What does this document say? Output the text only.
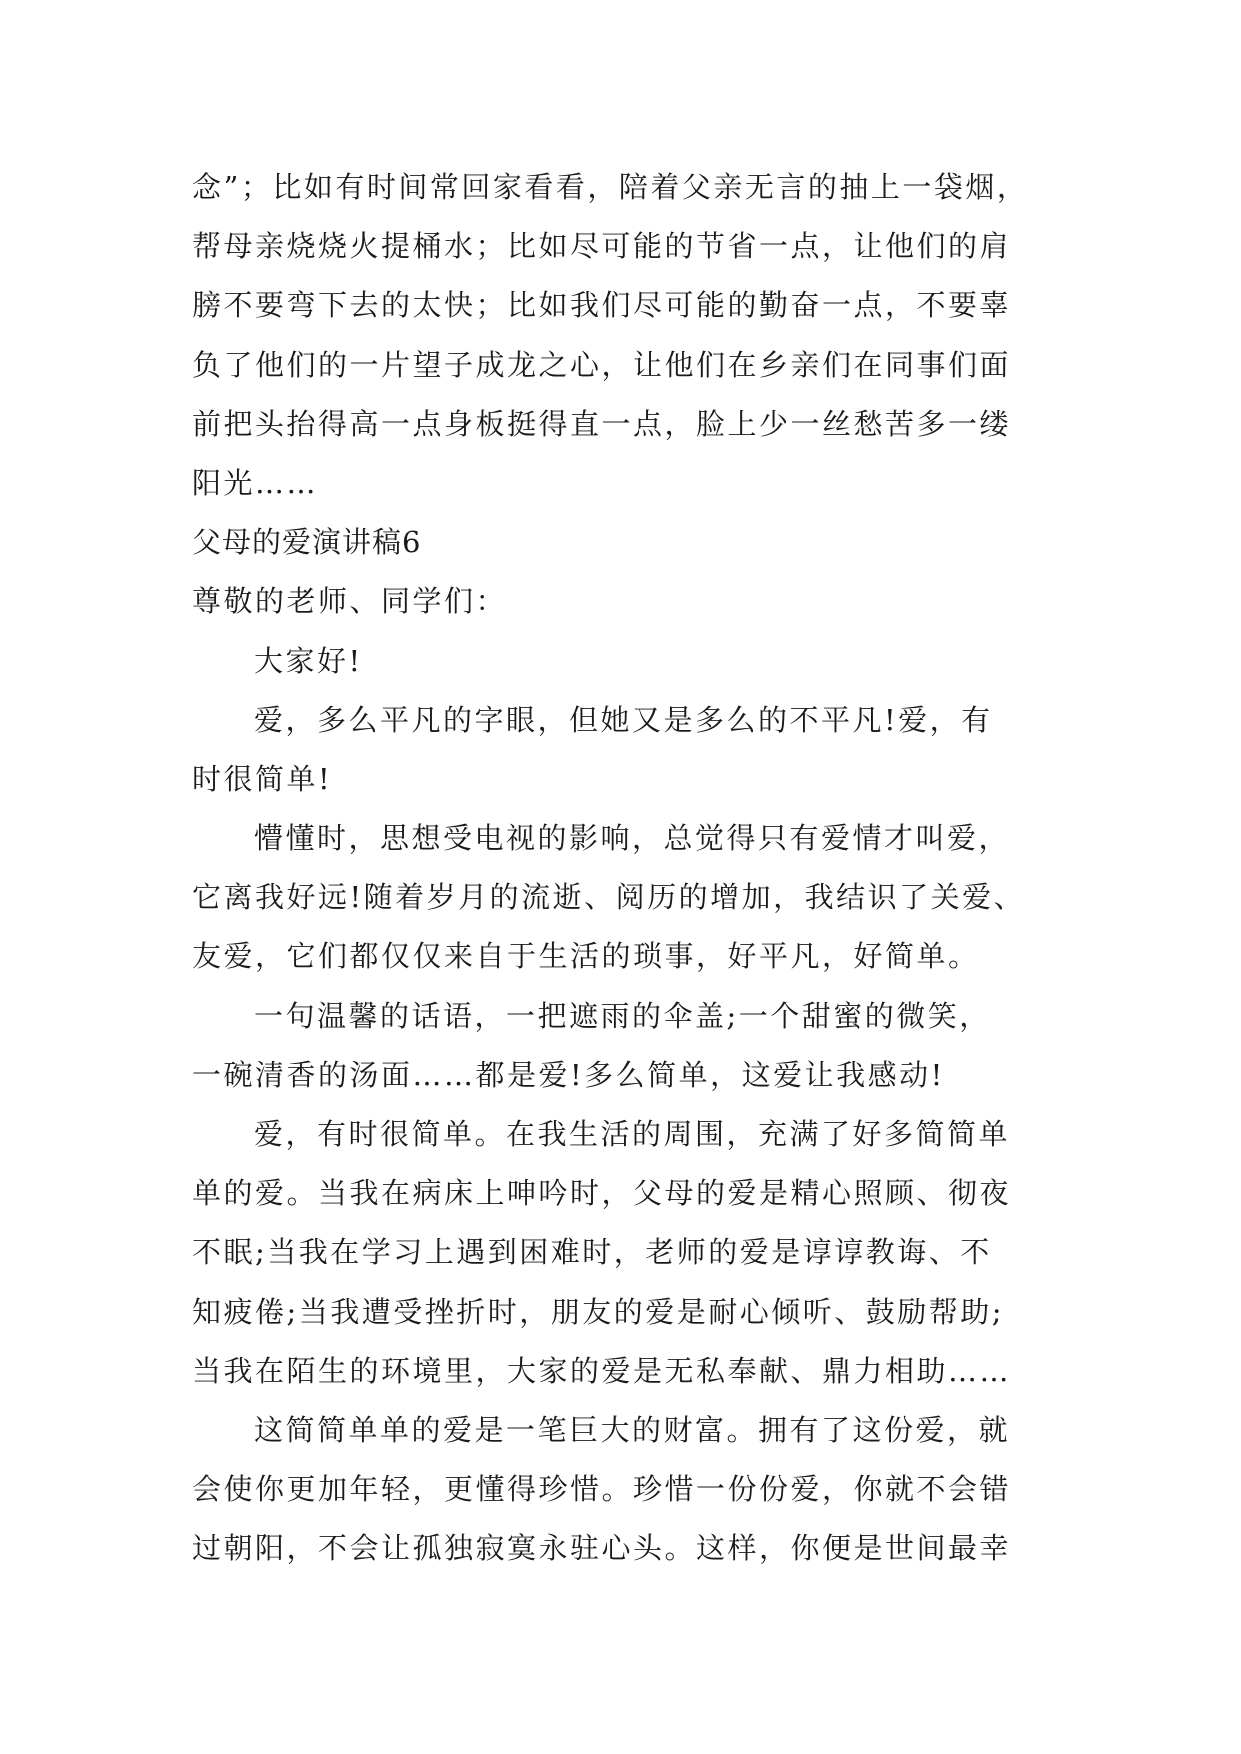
念”；比如有时间常回家看看，陪着父亲无言的抽上一袋烟，
帮母亲烧烧火提桶水；比如尽可能的节省一点，让他们的肩
膀不要弯下去的太快；比如我们尽可能的勤奋一点，不要辜
负了他们的一片望子成龙之心，让他们在乡亲们在同事们面
前把头抬得高一点身板挺得直一点，脸上少一丝愁苦多一缕
阳光……
父母的爱演讲稿6
尊敬的老师、同学们：
大家好!
爱，多么平凡的字眼，但她又是多么的不平凡!爱，有
时很简单!
懵懂时，思想受电视的影响，总觉得只有爱情才叫爱，
它离我好远!随着岁月的流逝、阅历的增加，我结识了关爱、
友爱，它们都仅仅来自于生活的琐事，好平凡，好简单。
一句温馨的话语，一把遮雨的伞盖;一个甜蜜的微笑，
一碗清香的汤面……都是爱!多么简单，这爱让我感动!
爱，有时很简单。在我生活的周围，充满了好多简简单
单的爱。当我在病床上呻吟时，父母的爱是精心照顾、彻夜
不眠;当我在学习上遇到困难时，老师的爱是谆谆教诲、不
知疲倦;当我遭受挫折时，朋友的爱是耐心倾听、鼓励帮助;
当我在陌生的环境里，大家的爱是无私奉献、鼎力相助……
这简简单单的爱是一笔巨大的财富。拥有了这份爱，就
会使你更加年轻，更懂得珍惜。珍惜一份份爱，你就不会错
过朝阳，不会让孤独寂寞永驻心头。这样，你便是世间最幸
